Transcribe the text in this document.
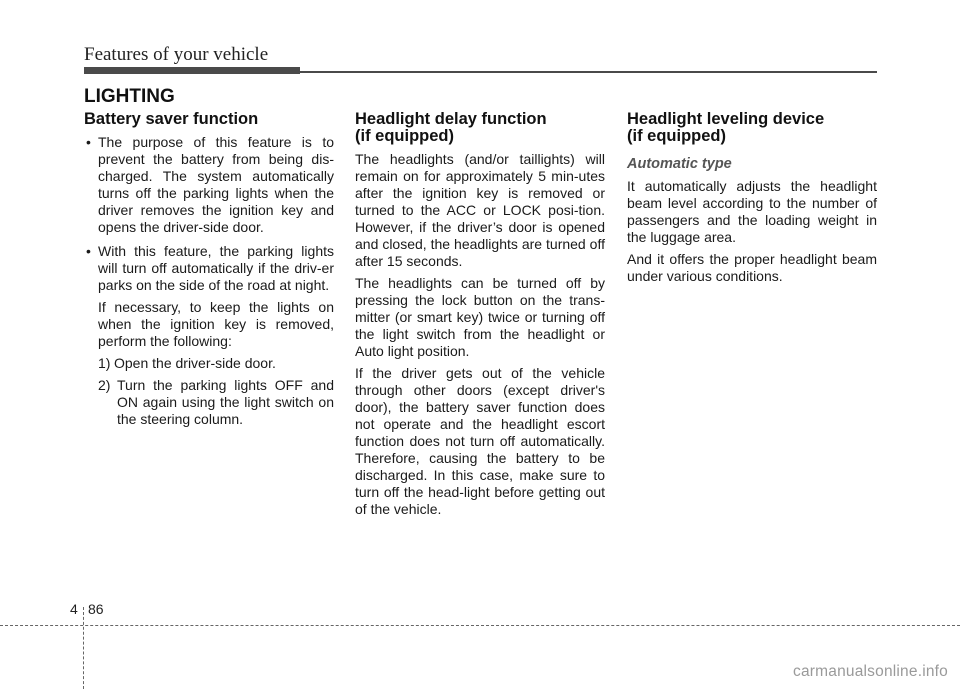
Features of your vehicle
LIGHTING
Battery saver function
• The purpose of this feature is to prevent the battery from being dis-charged. The system automatically turns off the parking lights when the driver removes the ignition key and opens the driver-side door.
• With this feature, the parking lights will turn off automatically if the driv-er parks on the side of the road at night.
If necessary, to keep the lights on when the ignition key is removed, perform the following:
1) Open the driver-side door.
2) Turn the parking lights OFF and ON again using the light switch on the steering column.
Headlight delay function
(if equipped)

The headlights (and/or taillights) will remain on for approximately 5 min-utes after the ignition key is removed or turned to the ACC or LOCK posi-tion. However, if the driver’s door is opened and closed, the headlights are turned off after 15 seconds.

The headlights can be turned off by pressing the lock button on the trans-mitter (or smart key) twice or turning off the light switch from the headlight or Auto light position.

If the driver gets out of the vehicle through other doors (except driver's door), the battery saver function does not operate and the headlight escort function does not turn off automatically. Therefore, causing the battery to be discharged. In this case, make sure to turn off the head-light before getting out of the vehicle.

Headlight leveling device
(if equipped)
Automatic type

It automatically adjusts the headlight beam level according to the number of passengers and the loading weight in the luggage area.

And it offers the proper headlight beam under various conditions.

4 86
carmanualsonline.info
